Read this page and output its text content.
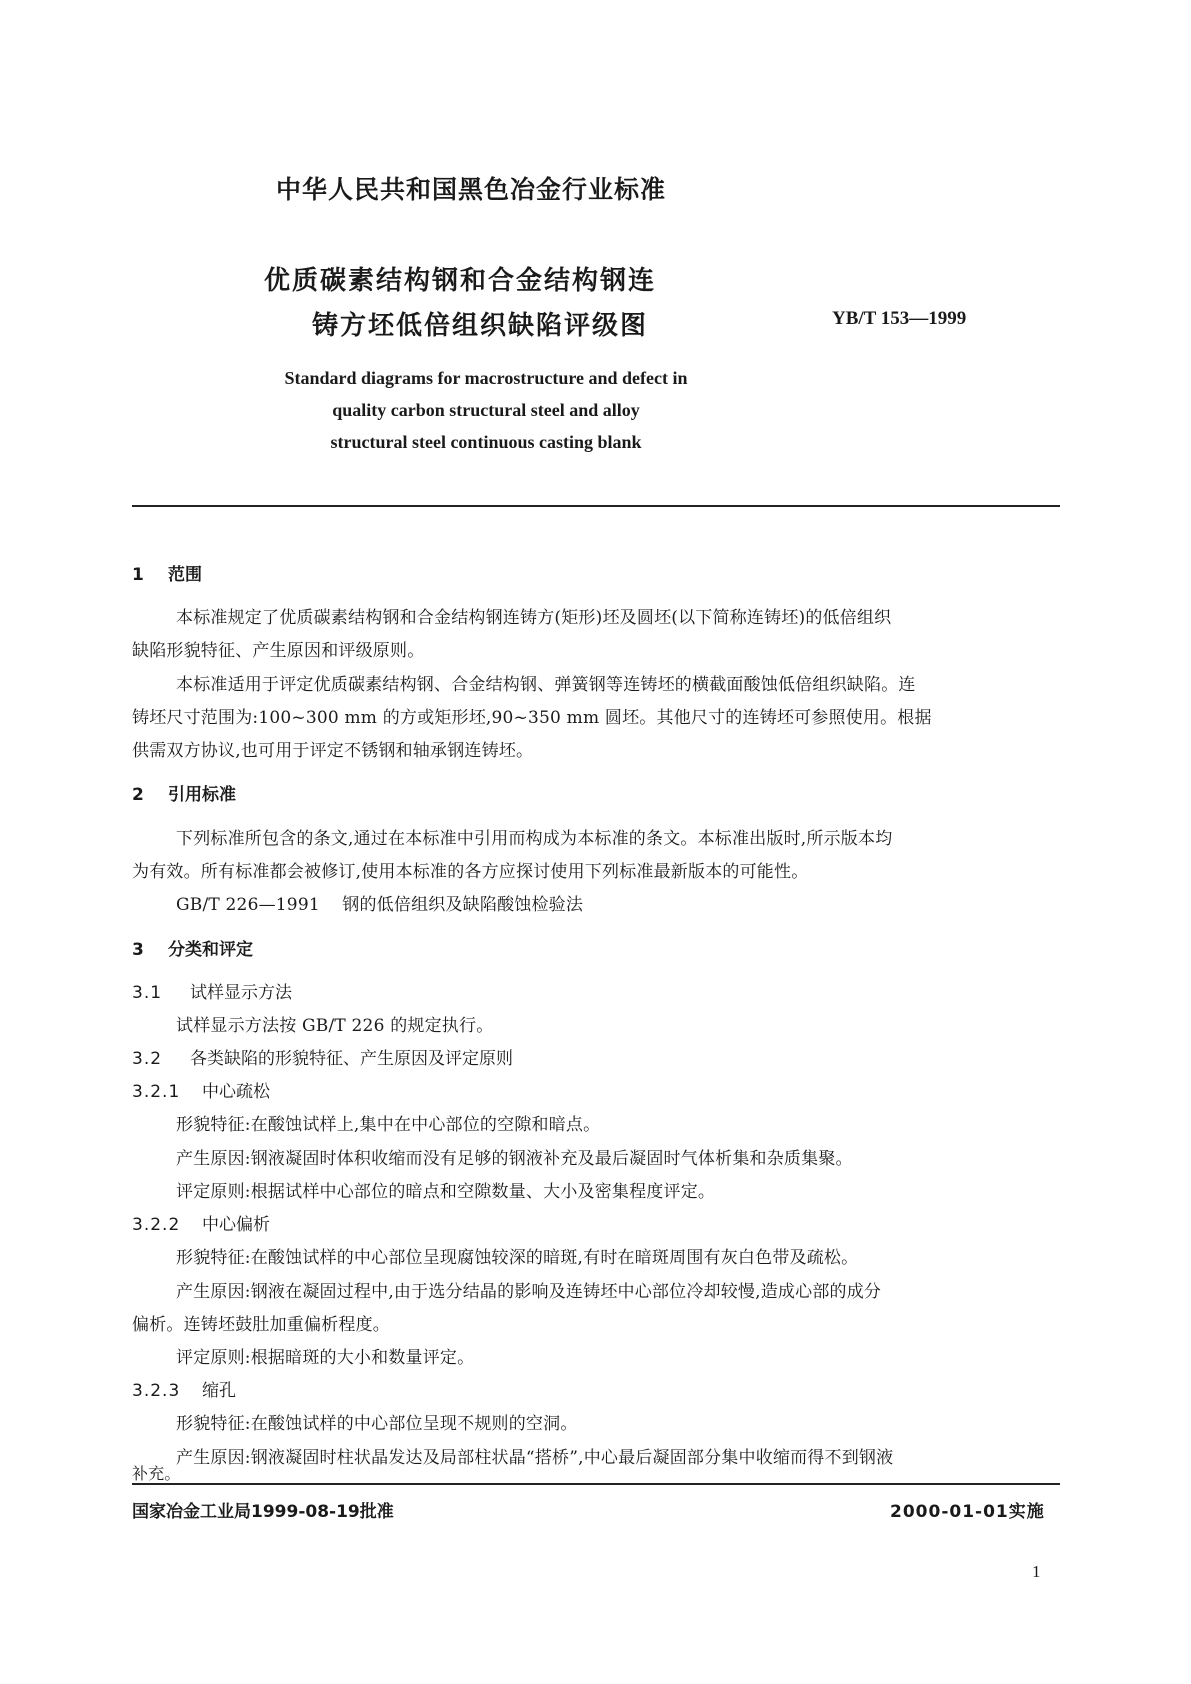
中华人民共和国黑色冶金行业标准
优质碳素结构钢和合金结构钢连
铸方坯低倍组织缺陷评级图	YB/T 153—1999
Standard diagrams for macrostructure and defect in
quality carbon structural steel and alloy
structural steel continuous casting blank
1 范围
本标准规定了优质碳素结构钢和合金结构钢连铸方(矩形)坯及圆坯(以下简称连铸坯)的低倍组织
缺陷形貌特征、产生原因和评级原则。
本标准适用于评定优质碳素结构钢、合金结构钢、弹簧钢等连铸坯的横截面酸蚀低倍组织缺陷。连
铸坯尺寸范围为:100~300 mm 的方或矩形坯,90~350 mm 圆坯。其他尺寸的连铸坯可参照使用。根据
供需双方协议,也可用于评定不锈钢和轴承钢连铸坯。
2 引用标准
下列标准所包含的条文,通过在本标准中引用而构成为本标准的条文。本标准出版时,所示版本均
为有效。所有标准都会被修订,使用本标准的各方应探讨使用下列标准最新版本的可能性。
GB/T 226—1991    钢的低倍组织及缺陷酸蚀检验法
3 分类和评定
3.1 试样显示方法
试样显示方法按 GB/T 226 的规定执行。
3.2 各类缺陷的形貌特征、产生原因及评定原则
3.2.1 中心疏松
形貌特征:在酸蚀试样上,集中在中心部位的空隙和暗点。
产生原因:钢液凝固时体积收缩而没有足够的钢液补充及最后凝固时气体析集和杂质集聚。
评定原则:根据试样中心部位的暗点和空隙数量、大小及密集程度评定。
3.2.2 中心偏析
形貌特征:在酸蚀试样的中心部位呈现腐蚀较深的暗斑,有时在暗斑周围有灰白色带及疏松。
产生原因:钢液在凝固过程中,由于选分结晶的影响及连铸坯中心部位冷却较慢,造成心部的成分
偏析。连铸坯鼓肚加重偏析程度。
评定原则:根据暗斑的大小和数量评定。
3.2.3 缩孔
形貌特征:在酸蚀试样的中心部位呈现不规则的空洞。
产生原因:钢液凝固时柱状晶发达及局部柱状晶“搭桥”,中心最后凝固部分集中收缩而得不到钢液
补充。
国家冶金工业局1999-08-19批准	2000-01-01实施
1
